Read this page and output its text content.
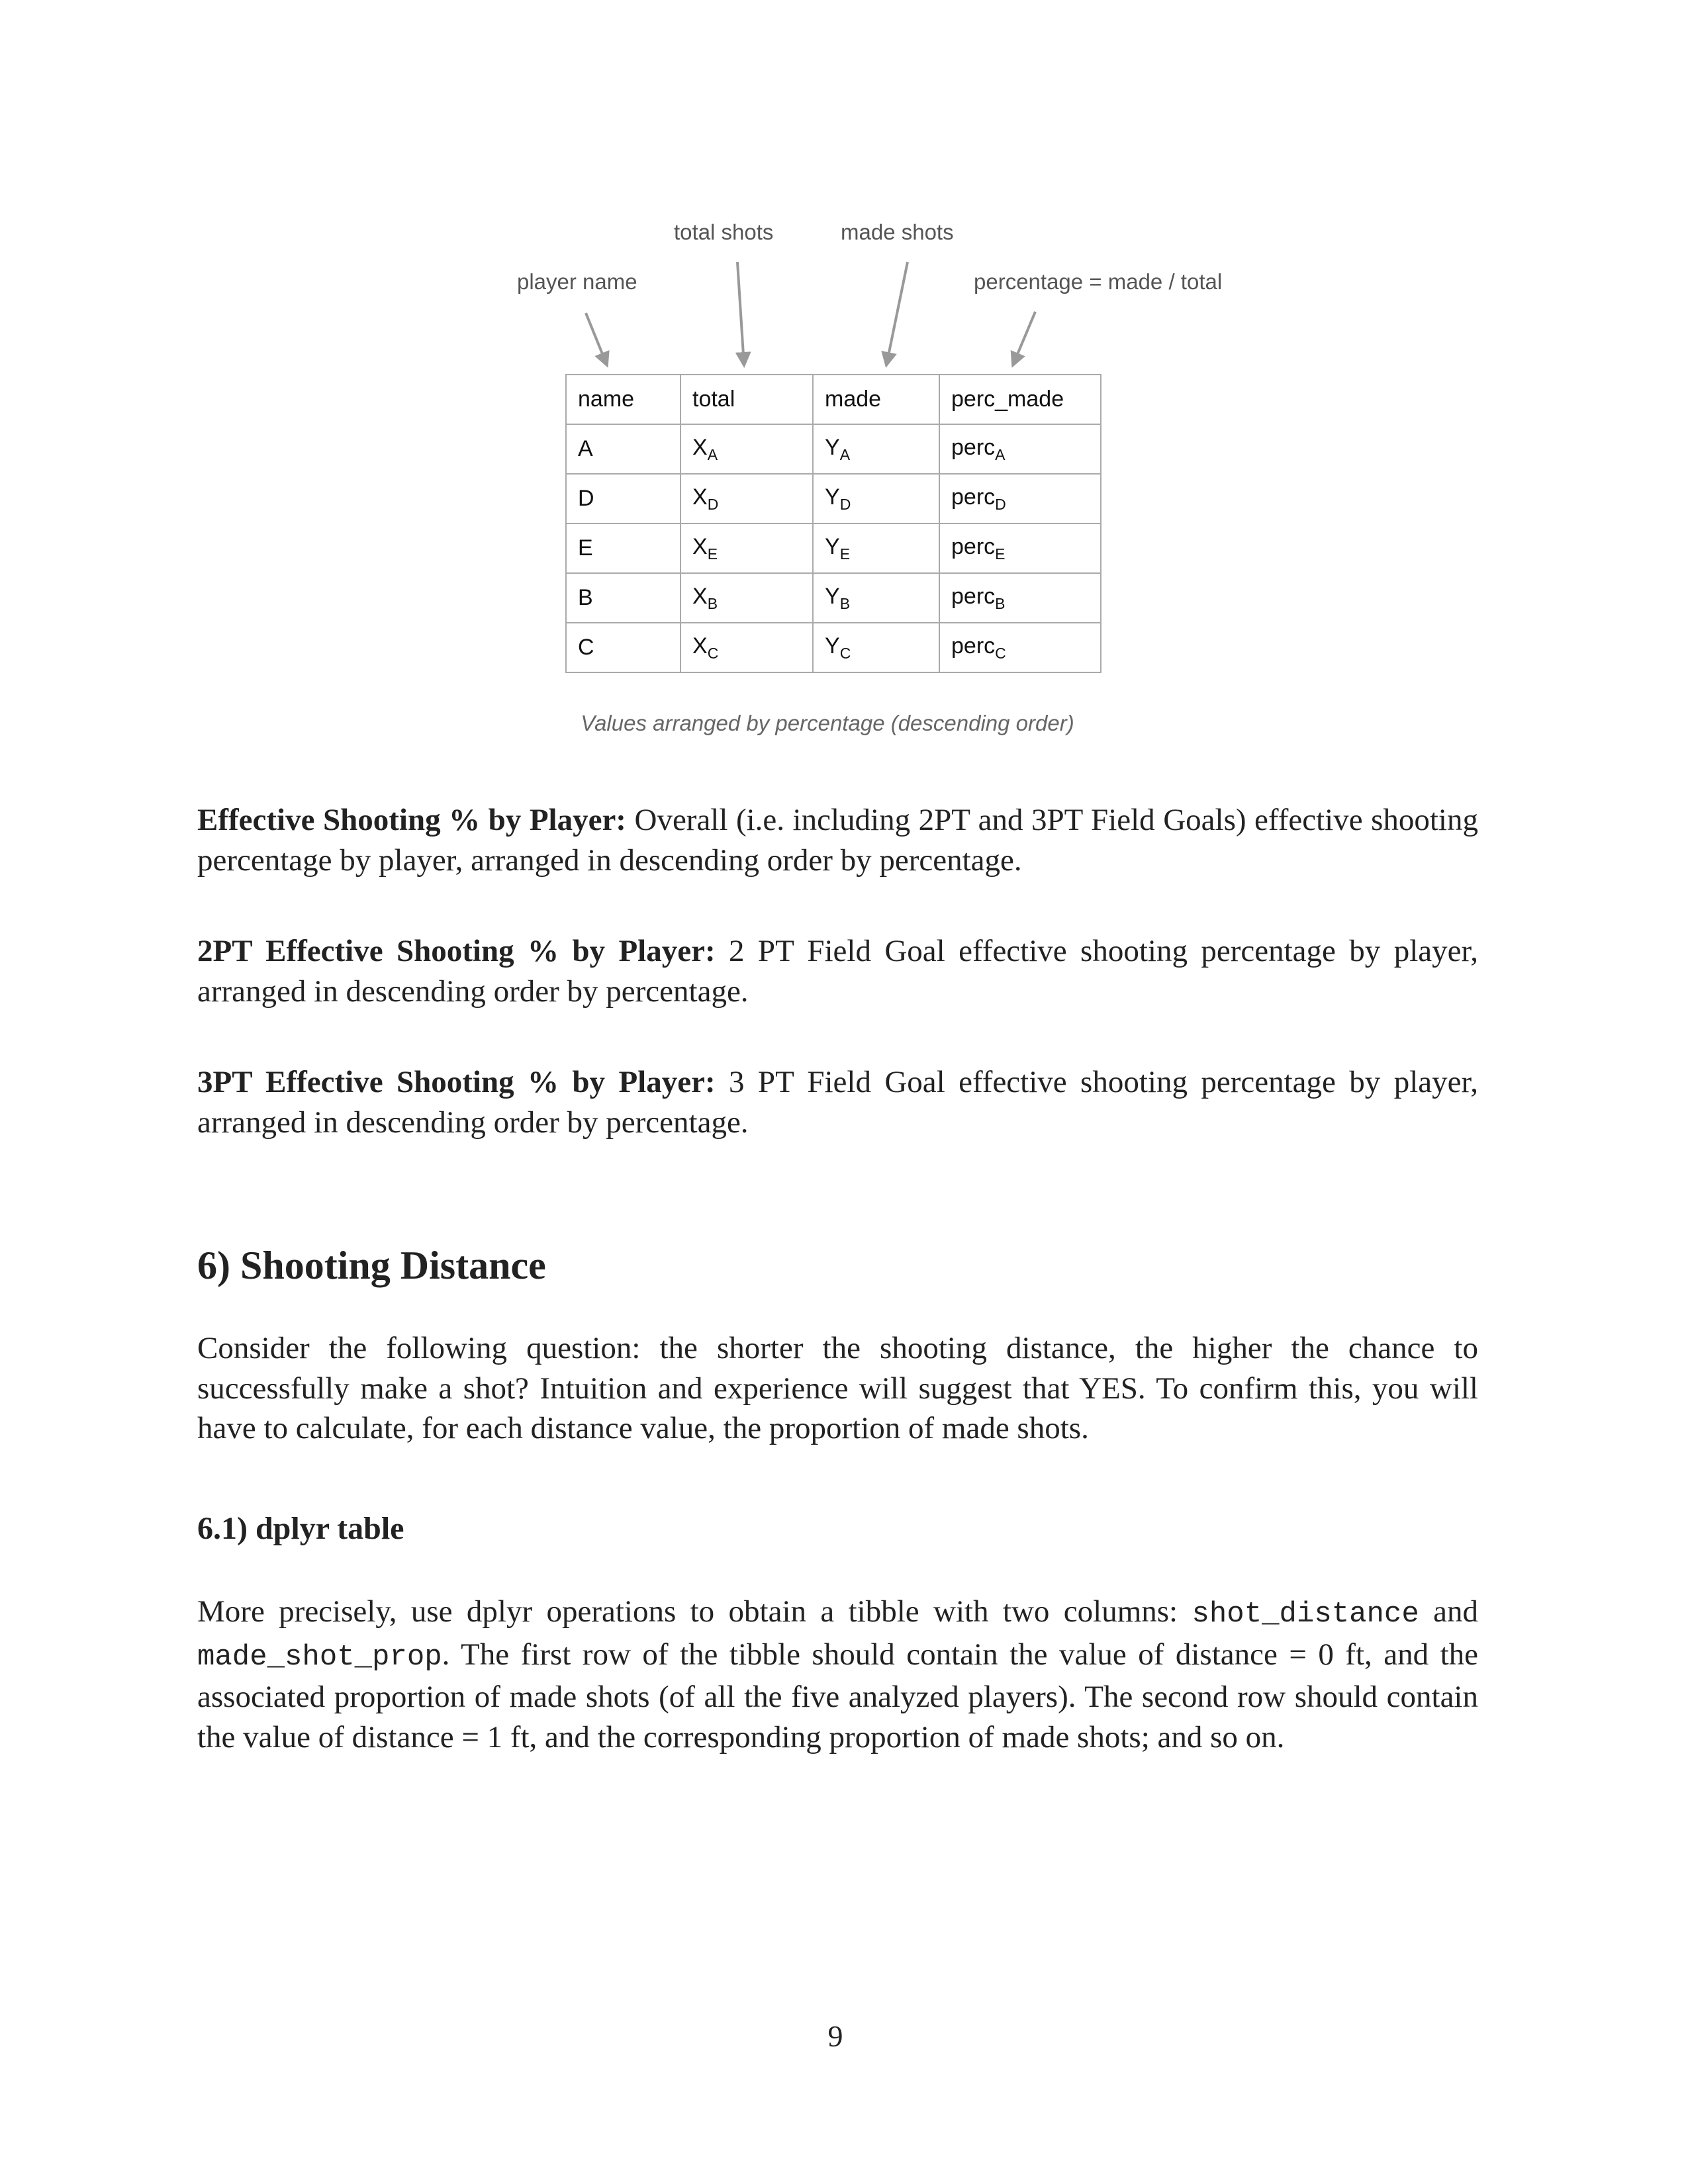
total shots	made shots
player name	percentage = made / total
name	total	made	perc_made
A	$X_A$	$Y_A$	perc$_A$
D	$X_D$	$Y_D$	perc$_D$
E	$X_E$	$Y_E$	perc$_E$
B	$X_B$	$Y_B$	perc$_B$
C	$X_C$	$Y_C$	perc$_C$
Values arranged by percentage (descending order)
Effective Shooting % by Player: Overall (i.e. including 2PT and 3PT Field Goals) effective shooting percentage by player, arranged in descending order by percentage.
2PT Effective Shooting % by Player: 2 PT Field Goal effective shooting percentage by player, arranged in descending order by percentage.
3PT Effective Shooting % by Player: 3 PT Field Goal effective shooting percentage by player, arranged in descending order by percentage.
6) Shooting Distance
Consider the following question: the shorter the shooting distance, the higher the chance to successfully make a shot? Intuition and experience will suggest that YES. To confirm this, you will have to calculate, for each distance value, the proportion of made shots.
6.1) dplyr table
More precisely, use dplyr operations to obtain a tibble with two columns: shot_distance and made_shot_prop. The first row of the tibble should contain the value of distance = 0 ft, and the associated proportion of made shots (of all the five analyzed players). The second row should contain the value of distance = 1 ft, and the corresponding proportion of made shots; and so on.
9
